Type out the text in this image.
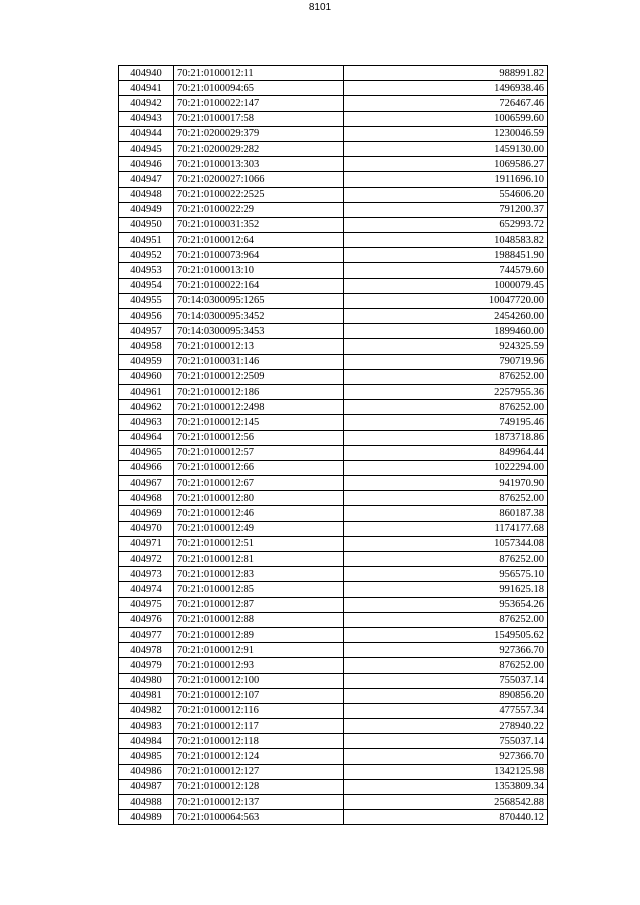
8101
404940	70:21:0100012:11	988991.82
404941	70:21:0100094:65	1496938.46
404942	70:21:0100022:147	726467.46
404943	70:21:0100017:58	1006599.60
404944	70:21:0200029:379	1230046.59
404945	70:21:0200029:282	1459130.00
404946	70:21:0100013:303	1069586.27
404947	70:21:0200027:1066	1911696.10
404948	70:21:0100022:2525	554606.20
404949	70:21:0100022:29	791200.37
404950	70:21:0100031:352	652993.72
404951	70:21:0100012:64	1048583.82
404952	70:21:0100073:964	1988451.90
404953	70:21:0100013:10	744579.60
404954	70:21:0100022:164	1000079.45
404955	70:14:0300095:1265	10047720.00
404956	70:14:0300095:3452	2454260.00
404957	70:14:0300095:3453	1899460.00
404958	70:21:0100012:13	924325.59
404959	70:21:0100031:146	790719.96
404960	70:21:0100012:2509	876252.00
404961	70:21:0100012:186	2257955.36
404962	70:21:0100012:2498	876252.00
404963	70:21:0100012:145	749195.46
404964	70:21:0100012:56	1873718.86
404965	70:21:0100012:57	849964.44
404966	70:21:0100012:66	1022294.00
404967	70:21:0100012:67	941970.90
404968	70:21:0100012:80	876252.00
404969	70:21:0100012:46	860187.38
404970	70:21:0100012:49	1174177.68
404971	70:21:0100012:51	1057344.08
404972	70:21:0100012:81	876252.00
404973	70:21:0100012:83	956575.10
404974	70:21:0100012:85	991625.18
404975	70:21:0100012:87	953654.26
404976	70:21:0100012:88	876252.00
404977	70:21:0100012:89	1549505.62
404978	70:21:0100012:91	927366.70
404979	70:21:0100012:93	876252.00
404980	70:21:0100012:100	755037.14
404981	70:21:0100012:107	890856.20
404982	70:21:0100012:116	477557.34
404983	70:21:0100012:117	278940.22
404984	70:21:0100012:118	755037.14
404985	70:21:0100012:124	927366.70
404986	70:21:0100012:127	1342125.98
404987	70:21:0100012:128	1353809.34
404988	70:21:0100012:137	2568542.88
404989	70:21:0100064:563	870440.12
